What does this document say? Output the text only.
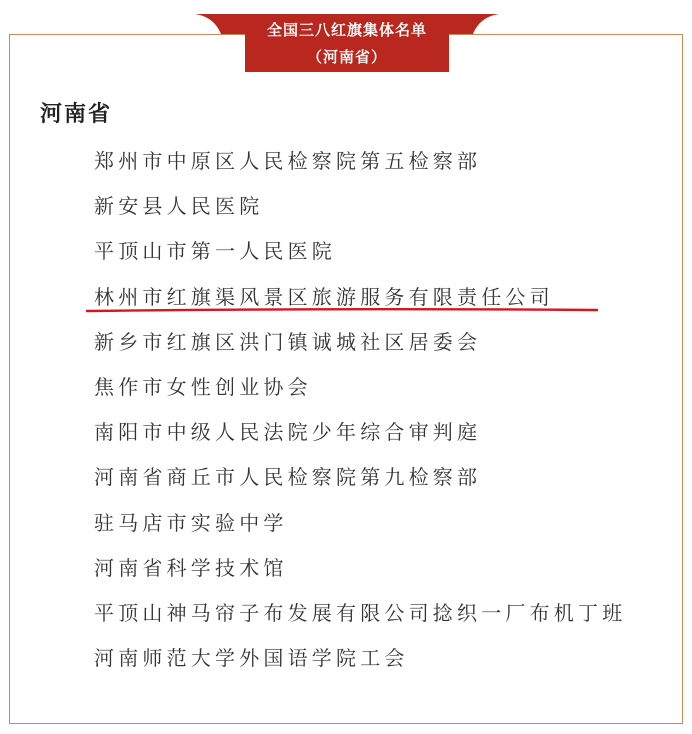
全国三八红旗集体名单
（河南省）
河南省
郑州市中原区人民检察院第五检察部
新安县人民医院
平顶山市第一人民医院
林州市红旗渠风景区旅游服务有限责任公司
新乡市红旗区洪门镇诚城社区居委会
焦作市女性创业协会
南阳市中级人民法院少年综合审判庭
河南省商丘市人民检察院第九检察部
驻马店市实验中学
河南省科学技术馆
平顶山神马帘子布发展有限公司捻织一厂布机丁班
河南师范大学外国语学院工会
